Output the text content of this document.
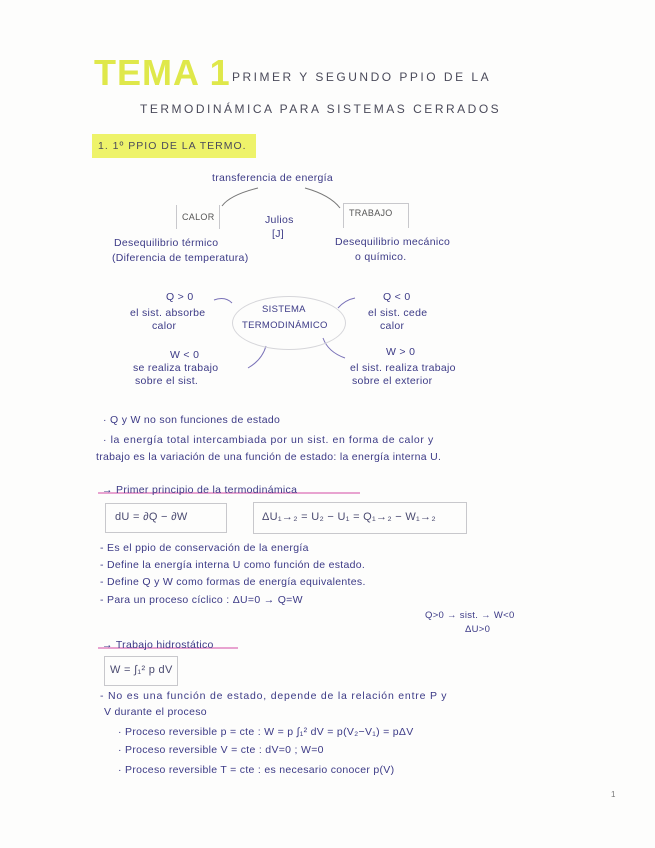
TEMA 1 PRIMER Y SEGUNDO PPIO DE LA
TERMODINÁMICA PARA SISTEMAS CERRADOS
1. 1º PPIO DE LA TERMO.
transferencia de energía
CALOR	Julios
[J]
TRABAJO
Desequilibrio térmico
(Diferencia de temperatura)
Desequilibrio mecánico
o químico.
SISTEMA
TERMODINÁMICO
Q > 0
el sist. absorbe
calor
Q < 0
el sist. cede
calor
W < 0
se realiza trabajo
sobre el sist.
W > 0
el sist. realiza trabajo
sobre el exterior
· Q y W no son funciones de estado
· la energía total intercambiada por un sist. en forma de calor y
trabajo es la variación de una función de estado: la energía interna U.
→ Primer principio de la termodinámica
dU = ∂Q − ∂W	ΔU₁→₂ = U₂ − U₁ = Q₁→₂ − W₁→₂
- Es el ppio de conservación de la energía
- Define la energía interna U como función de estado.
- Define Q y W como formas de energía equivalentes.
- Para un proceso cíclico : ΔU=0 → Q=W
Q>0 → sist. → W<0
ΔU>0
→ Trabajo hidrostático
W = ∫₁² p dV
- No es una función de estado, depende de la relación entre P y
V durante el proceso
· Proceso reversible p = cte : W = p ∫₁² dV = p(V₂−V₁) = pΔV
· Proceso reversible V = cte : dV=0 ; W=0
· Proceso reversible T = cte : es necesario conocer p(V)
1
